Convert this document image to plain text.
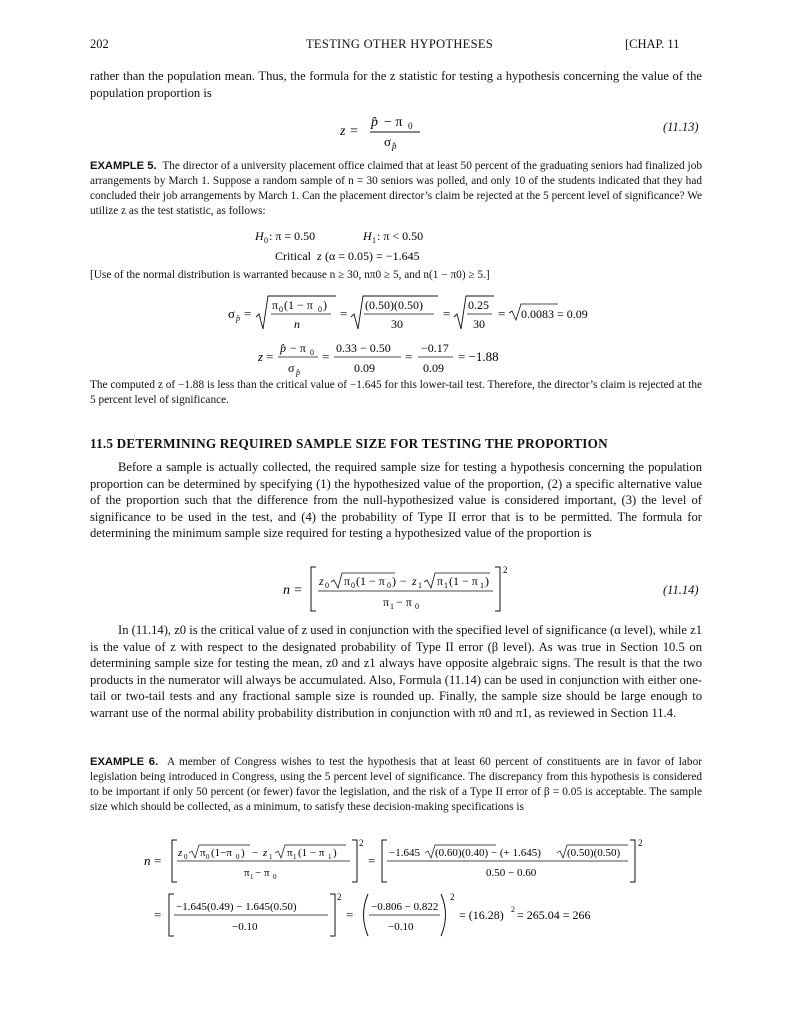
202	TESTING OTHER HYPOTHESES	[CHAP. 11
rather than the population mean. Thus, the formula for the z statistic for testing a hypothesis concerning the value of the population proportion is
z =
p̂ − π 0
σ p̂
(11.13)
EXAMPLE 5. The director of a university placement office claimed that at least 50 percent of the graduating seniors had finalized job arrangements by March 1. Suppose a random sample of n = 30 seniors was polled, and only 10 of the students indicated that they had concluded their job arrangements by March 1. Can the placement director’s claim be rejected at the 5 percent level of significance? We utilize z as the test statistic, as follows:
H 0 : π = 0.50	H 1 : π < 0.50
Critical z (α = 0.05) = −1.645
[Use of the normal distribution is warranted because n ≥ 30, nπ0 ≥ 5, and n(1 − π0) ≥ 5.]
σ p̂ =
π 0 (1 − π 0 )
n
=
(0.50)(0.50)
30
=
0.25
30
= 0.0083 = 0.09
z =
p̂ − π 0
σ p̂
=
0.33 − 0.50
0.09
=
−0.17
0.09
= −1.88
The computed z of −1.88 is less than the critical value of −1.645 for this lower-tail test. Therefore, the director’s claim is rejected at the 5 percent level of significance.
11.5 DETERMINING REQUIRED SAMPLE SIZE FOR TESTING THE PROPORTION
Before a sample is actually collected, the required sample size for testing a hypothesis concerning the population proportion can be determined by specifying (1) the hypothesized value of the proportion, (2) a specific alternative value of the proportion such that the difference from the null-hypothesized value is considered important, (3) the level of significance to be used in the test, and (4) the probability of Type II error that is to be permitted. The formula for determining the minimum sample size required for testing a hypothesized value of the proportion is
n =
2
z 0 π 0 (1 − π 0 ) − z 1 π 1 (1 − π 1 )
π 1 − π 0
(11.14)
In (11.14), z0 is the critical value of z used in conjunction with the specified level of significance (α level), while z1 is the value of z with respect to the designated probability of Type II error (β level). As was true in Section 10.5 on determining sample size for testing the mean, z0 and z1 always have opposite algebraic signs. The result is that the two products in the numerator will always be accumulated. Also, Formula (11.14) can be used in conjunction with either one-tail or two-tail tests and any fractional sample size is rounded up. Finally, the sample size should be large enough to warrant use of the normal ability probability distribution in conjunction with π0 and π1, as reviewed in Section 11.4.
EXAMPLE 6. A member of Congress wishes to test the hypothesis that at least 60 percent of constituents are in favor of labor legislation being introduced in Congress, using the 5 percent level of significance. The discrepancy from this hypothesis is considered to be important if only 50 percent (or fewer) favor the legislation, and the risk of a Type II error of β = 0.05 is acceptable. The sample size which should be collected, as a minimum, to satisfy these decision-making specifications is
n =
2
z 0 π 0 (1−π 0 ) − z 1 π 1 (1 − π 1 )
π 1 − π 0
=
2
−1.645 (0.60)(0.40) − (+ 1.645) (0.50)(0.50)
0.50 − 0.60
=
2
−1.645(0.49) − 1.645(0.50)
−0.10
=
2
−0.806 − 0.822
−0.10
= (16.28) 2 = 265.04 = 266
